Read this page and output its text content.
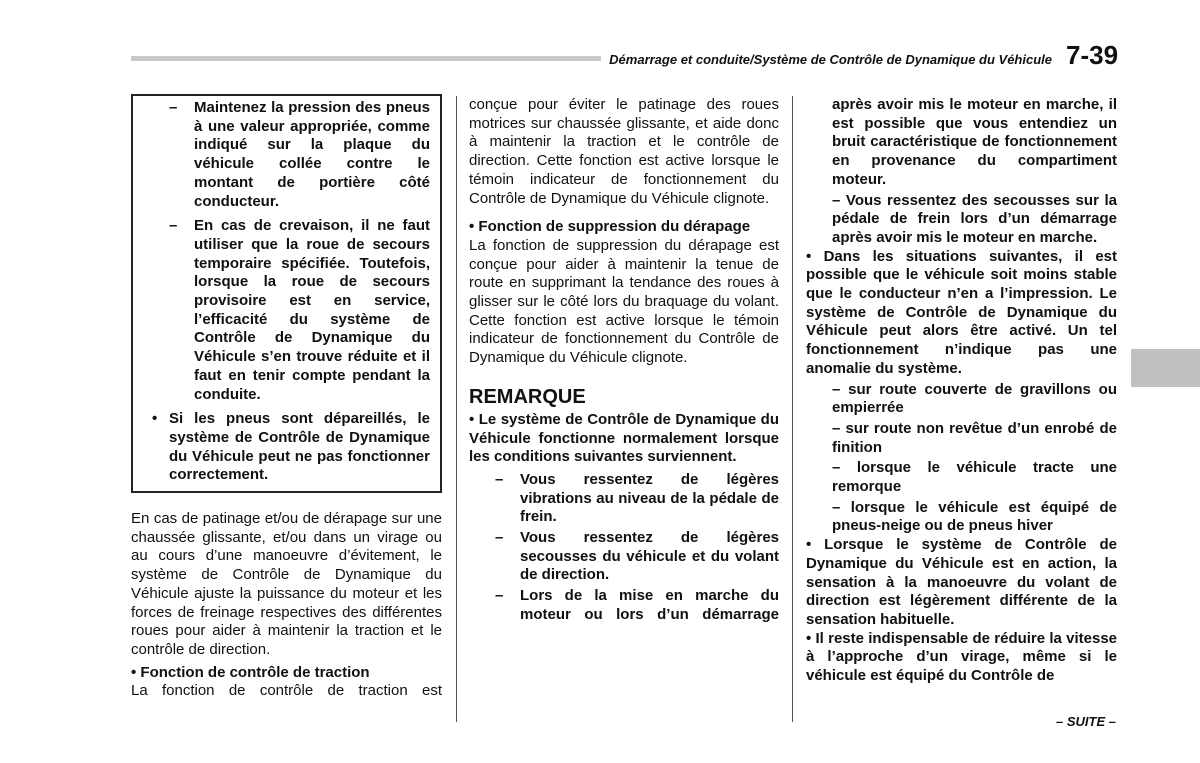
Démarrage et conduite/Système de Contrôle de Dynamique du Véhicule 7-39

– Maintenez la pression des pneus à une valeur appropriée, comme indiqué sur la plaque du véhicule collée contre le montant de portière côté conducteur.

– En cas de crevaison, il ne faut utiliser que la roue de secours temporaire spécifiée. Toutefois, lorsque la roue de secours provisoire est en service, l’efficacité du système de Contrôle de Dynamique du Véhicule s’en trouve réduite et il faut en tenir compte pendant la conduite.

• Si les pneus sont dépareillés, le système de Contrôle de Dynamique du Véhicule peut ne pas fonctionner correctement.

En cas de patinage et/ou de dérapage sur une chaussée glissante, et/ou dans un virage ou au cours d’une manoeuvre d’évitement, le système de Contrôle de Dynamique du Véhicule ajuste la puissance du moteur et les forces de freinage respectives des différentes roues pour aider à maintenir la traction et le contrôle de direction.

• Fonction de contrôle de traction

La fonction de contrôle de traction est

conçue pour éviter le patinage des roues motrices sur chaussée glissante, et aide donc à maintenir la traction et le contrôle de direction. Cette fonction est active lorsque le témoin indicateur de fonctionnement du Contrôle de Dynamique du Véhicule clignote.

• Fonction de suppression du dérapage

La fonction de suppression du dérapage est conçue pour aider à maintenir la tenue de route en supprimant la tendance des roues à glisser sur le côté lors du braquage du volant. Cette fonction est active lorsque le témoin indicateur de fonctionnement du Contrôle de Dynamique du Véhicule clignote.

REMARQUE

• Le système de Contrôle de Dynamique du Véhicule fonctionne normalement lorsque les conditions suivantes surviennent.

– Vous ressentez de légères vibrations au niveau de la pédale de frein.

– Vous ressentez de légères secousses du véhicule et du volant de direction.

– Lors de la mise en marche du moteur ou lors d’un démarrage

après avoir mis le moteur en marche, il est possible que vous entendiez un bruit caractéristique de fonctionnement en provenance du compartiment moteur.

– Vous ressentez des secousses sur la pédale de frein lors d’un démarrage après avoir mis le moteur en marche.

• Dans les situations suivantes, il est possible que le véhicule soit moins stable que le conducteur n’en a l’impression. Le système de Contrôle de Dynamique du Véhicule peut alors être activé. Un tel fonctionnement n’indique pas une anomalie du système.

– sur route couverte de gravillons ou empierrée

– sur route non revêtue d’un enrobé de finition

– lorsque le véhicule tracte une remorque

– lorsque le véhicule est équipé de pneus-neige ou de pneus hiver

• Lorsque le système de Contrôle de Dynamique du Véhicule est en action, la sensation à la manoeuvre du volant de direction est légèrement différente de la sensation habituelle.

• Il reste indispensable de réduire la vitesse à l’approche d’un virage, même si le véhicule est équipé du Contrôle de

– SUITE –
